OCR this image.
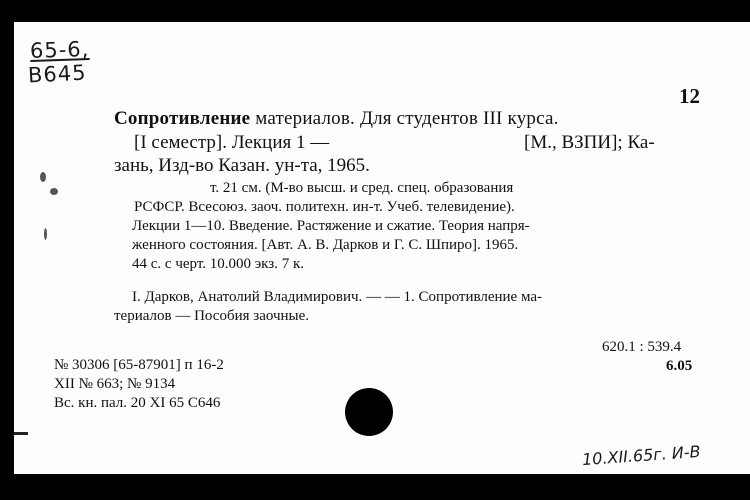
65-6,
B645
12
Сопротивление материалов. Для студентов III курса.
[I семестр]. Лекция 1 —	[М., ВЗПИ]; Ка-
зань, Изд-во Казан. ун-та, 1965.
т. 21 см. (М-во высш. и сред. спец. образования
РСФСР. Всесоюз. заоч. политехн. ин-т. Учеб. телевидение).
Лекции 1—10. Введение. Растяжение и сжатие. Теория напря-
женного состояния. [Авт. А. В. Дарков и Г. С. Шпиро]. 1965.
44 с. с черт. 10.000 экз. 7 к.
I. Дарков, Анатолий Владимирович. — — 1. Сопротивление ма-
териалов — Пособия заочные.
620.1 : 539.4
6.05
№ 30306 [65-87901] п 16-2
XII № 663; № 9134
Вс. кн. пал. 20 XI 65 С646
10.XII.65г. И-В
